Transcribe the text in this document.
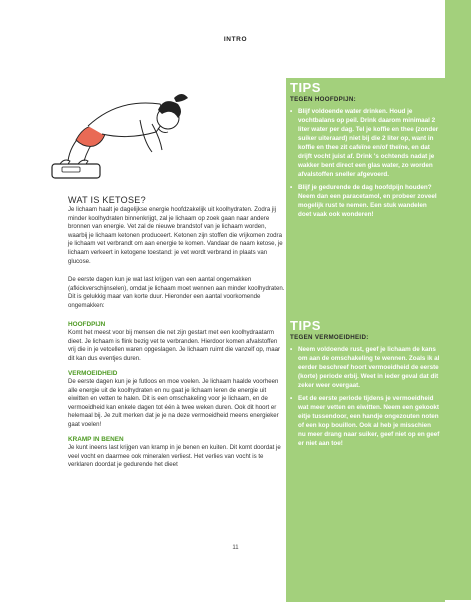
INTRO
WAT IS KETOSE?

Je lichaam haalt je dagelijkse energie hoofdzakelijk uit koolhydraten. Zodra jij minder koolhydraten binnenkrijgt, zal je lichaam op zoek gaan naar andere bronnen van energie. Vet zal de nieuwe brandstof van je lichaam worden, waarbij je lichaam ketonen produceert. Ketonen zijn stoffen die vrijkomen zodra je lichaam vet verbrandt om aan energie te komen. Vandaar de naam ketose, je lichaam verkeert in ketogene toestand: je vet wordt verbrand in plaats van glucose.

De eerste dagen kun je wat last krijgen van een aantal ongemakken (afkickverschijnselen), omdat je lichaam moet wennen aan minder koolhydraten. Dit is gelukkig maar van korte duur. Hieronder een aantal voorkomende ongemakken:

HOOFDPIJN

Komt het meest voor bij mensen die net zijn gestart met een koolhydraatarm dieet. Je lichaam is flink bezig vet te verbranden. Hierdoor komen afvalstoffen vrij die in je vetcellen waren opgeslagen. Je lichaam ruimt die vanzelf op, maar dit kan dus eventjes duren.

VERMOEIDHEID

De eerste dagen kun je je futloos en moe voelen. Je lichaam haalde voorheen alle energie uit de koolhydraten en nu gaat je lichaam leren de energie uit eiwitten en vetten te halen. Dit is een omschakeling voor je lichaam, en de vermoeidheid kan enkele dagen tot één à twee weken duren. Ook dit hoort er helemaal bij. Je zult merken dat je je na deze vermoeidheid meens energieker gaat voelen!

KRAMP IN BENEN

Je kunt ineens last krijgen van kramp in je benen en kuiten. Dit komt doordat je veel vocht en daarmee ook mineralen verliest. Het verlies van vocht is te verklaren doordat je gedurende het dieet

TIPS
TEGEN HOOFDPIJN:
• Blijf voldoende water drinken. Houd je vochtbalans op peil. Drink daarom minimaal 2 liter water per dag. Tel je koffie en thee (zonder suiker uiteraard) niet bij die 2 liter op, want in koffie en thee zit cafeïne en/of theïne, en dat drijft vocht juist af. Drink 's ochtends nadat je wakker bent direct een glas water, zo worden afvalstoffen sneller afgevoerd.
• Blijf je gedurende de dag hoofdpijn houden? Neem dan een paracetamol, en probeer zoveel mogelijk rust te nemen. Een stuk wandelen doet vaak ook wonderen!
TIPS
TEGEN VERMOEIDHEID:
• Neem voldoende rust, geef je lichaam de kans om aan de omschakeling te wennen. Zoals ik al eerder beschreef hoort vermoeidheid de eerste (korte) periode erbij. Weet in ieder geval dat dit zeker weer overgaat.
• Eet de eerste periode tijdens je vermoeidheid wat meer vetten en eiwitten. Neem een gekookt eitje tussendoor, een handje ongezouten noten of een kop bouillon. Ook al heb je misschien nu meer drang naar suiker, geef niet op en geef er niet aan toe!
11
